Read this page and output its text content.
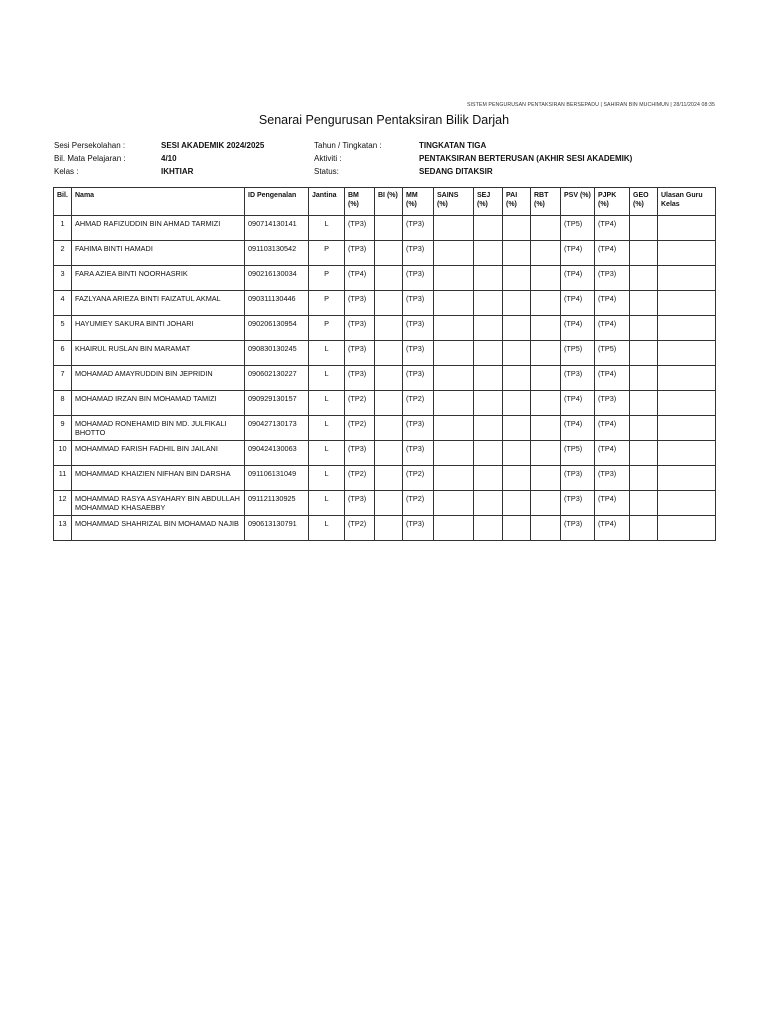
SISTEM PENGURUSAN PENTAKSIRAN BERSEPADU | SAHIRAN BIN MUCHIMUN | 28/11/2024 08:35
Senarai Pengurusan Pentaksiran Bilik Darjah
Sesi Persekolahan :	SESI AKADEMIK 2024/2025
Bil. Mata Pelajaran :	4/10
Kelas :	IKHTIAR
Tahun / Tingkatan :	TINGKATAN TIGA
Aktiviti :	PENTAKSIRAN BERTERUSAN (AKHIR SESI AKADEMIK)
Status:	SEDANG DITAKSIR
Bil.	Nama	ID Pengenalan	Jantina	BM (%)	BI (%)	MM (%)	SAINS (%)	SEJ (%)	PAI (%)	RBT (%)	PSV (%)	PJPK (%)	GEO (%)	Ulasan Guru Kelas
1	AHMAD RAFIZUDDIN BIN AHMAD TARMIZI	090714130141	L	(TP3)		(TP3)					(TP5)	(TP4)		
2	FAHIMA BINTI HAMADI	091103130542	P	(TP3)		(TP3)					(TP4)	(TP4)		
3	FARA AZIEA BINTI NOORHASRIK	090216130034	P	(TP4)		(TP3)					(TP4)	(TP3)		
4	FAZLYANA ARIEZA BINTI FAIZATUL AKMAL	090311130446	P	(TP3)		(TP3)					(TP4)	(TP4)		
5	HAYUMIEY SAKURA BINTI JOHARI	090206130954	P	(TP3)		(TP3)					(TP4)	(TP4)		
6	KHAIRUL RUSLAN BIN MARAMAT	090830130245	L	(TP3)		(TP3)					(TP5)	(TP5)		
7	MOHAMAD AMAYRUDDIN BIN JEPRIDIN	090602130227	L	(TP3)		(TP3)					(TP3)	(TP4)		
8	MOHAMAD IRZAN BIN MOHAMAD TAMIZI	090929130157	L	(TP2)		(TP2)					(TP4)	(TP3)		
9	MOHAMAD RONEHAMID BIN MD. JULFIKALI BHOTTO	090427130173	L	(TP2)		(TP3)					(TP4)	(TP4)		
10	MOHAMMAD FARISH FADHIL BIN JAILANI	090424130063	L	(TP3)		(TP3)					(TP5)	(TP4)		
11	MOHAMMAD KHAIZIEN NIFHAN BIN DARSHA	091106131049	L	(TP2)		(TP2)					(TP3)	(TP3)		
12	MOHAMMAD RASYA ASYAHARY BIN ABDULLAH MOHAMMAD KHASAEBBY	091121130925	L	(TP3)		(TP2)					(TP3)	(TP4)		
13	MOHAMMAD SHAHRIZAL BIN MOHAMAD NAJIB	090613130791	L	(TP2)		(TP3)					(TP3)	(TP4)		
